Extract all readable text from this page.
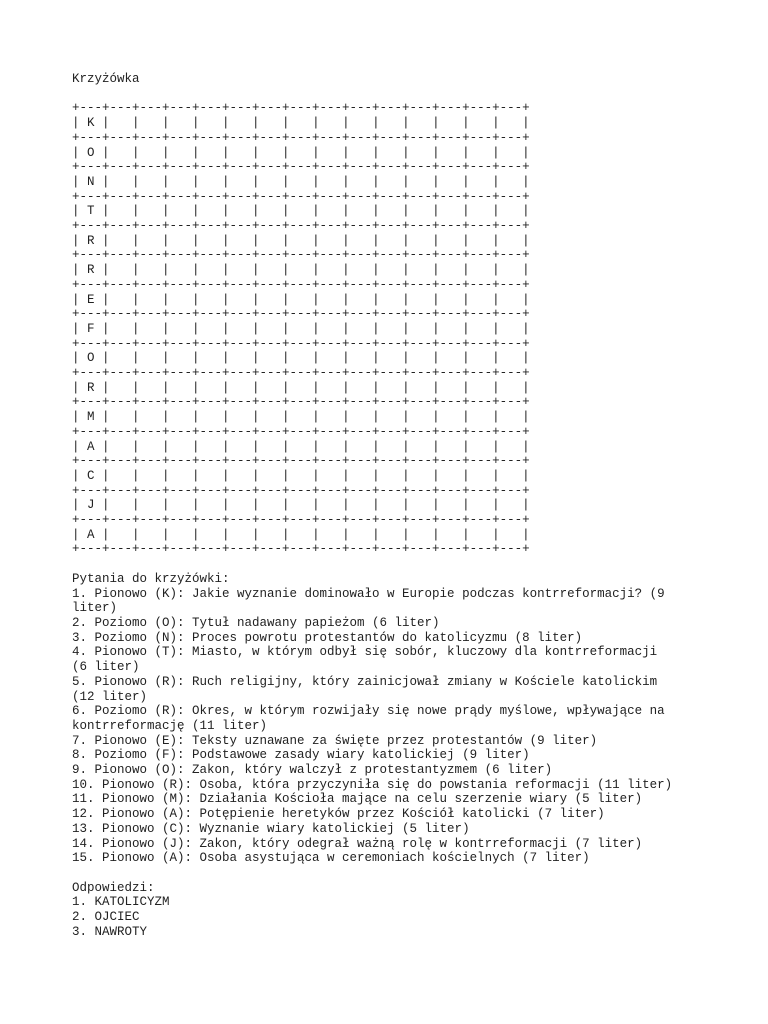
Krzyżówka
+---+---+---+---+---+---+---+---+---+---+---+---+---+---+---+
| K |   |   |   |   |   |   |   |   |   |   |   |   |   |   |
+---+---+---+---+---+---+---+---+---+---+---+---+---+---+---+
| O |   |   |   |   |   |   |   |   |   |   |   |   |   |   |
+---+---+---+---+---+---+---+---+---+---+---+---+---+---+---+
| N |   |   |   |   |   |   |   |   |   |   |   |   |   |   |
+---+---+---+---+---+---+---+---+---+---+---+---+---+---+---+
| T |   |   |   |   |   |   |   |   |   |   |   |   |   |   |
+---+---+---+---+---+---+---+---+---+---+---+---+---+---+---+
| R |   |   |   |   |   |   |   |   |   |   |   |   |   |   |
+---+---+---+---+---+---+---+---+---+---+---+---+---+---+---+
| R |   |   |   |   |   |   |   |   |   |   |   |   |   |   |
+---+---+---+---+---+---+---+---+---+---+---+---+---+---+---+
| E |   |   |   |   |   |   |   |   |   |   |   |   |   |   |
+---+---+---+---+---+---+---+---+---+---+---+---+---+---+---+
| F |   |   |   |   |   |   |   |   |   |   |   |   |   |   |
+---+---+---+---+---+---+---+---+---+---+---+---+---+---+---+
| O |   |   |   |   |   |   |   |   |   |   |   |   |   |   |
+---+---+---+---+---+---+---+---+---+---+---+---+---+---+---+
| R |   |   |   |   |   |   |   |   |   |   |   |   |   |   |
+---+---+---+---+---+---+---+---+---+---+---+---+---+---+---+
| M |   |   |   |   |   |   |   |   |   |   |   |   |   |   |
+---+---+---+---+---+---+---+---+---+---+---+---+---+---+---+
| A |   |   |   |   |   |   |   |   |   |   |   |   |   |   |
+---+---+---+---+---+---+---+---+---+---+---+---+---+---+---+
| C |   |   |   |   |   |   |   |   |   |   |   |   |   |   |
+---+---+---+---+---+---+---+---+---+---+---+---+---+---+---+
| J |   |   |   |   |   |   |   |   |   |   |   |   |   |   |
+---+---+---+---+---+---+---+---+---+---+---+---+---+---+---+
| A |   |   |   |   |   |   |   |   |   |   |   |   |   |   |
+---+---+---+---+---+---+---+---+---+---+---+---+---+---+---+
Pytania do krzyżówki:
1. Pionowo (K): Jakie wyznanie dominowało w Europie podczas kontrreformacji? (9 liter)
2. Poziomo (O): Tytuł nadawany papieżom (6 liter)
3. Poziomo (N): Proces powrotu protestantów do katolicyzmu (8 liter)
4. Pionowo (T): Miasto, w którym odbył się sobór, kluczowy dla kontrreformacji (6 liter)
5. Pionowo (R): Ruch religijny, który zainicjował zmiany w Kościele katolickim (12 liter)
6. Poziomo (R): Okres, w którym rozwijały się nowe prądy myślowe, wpływające na kontrreformację (11 liter)
7. Pionowo (E): Teksty uznawane za święte przez protestantów (9 liter)
8. Poziomo (F): Podstawowe zasady wiary katolickiej (9 liter)
9. Pionowo (O): Zakon, który walczył z protestantyzmem (6 liter)
10. Pionowo (R): Osoba, która przyczyniła się do powstania reformacji (11 liter)
11. Pionowo (M): Działania Kościoła mające na celu szerzenie wiary (5 liter)
12. Pionowo (A): Potępienie heretyków przez Kościół katolicki (7 liter)
13. Pionowo (C): Wyznanie wiary katolickiej (5 liter)
14. Pionowo (J): Zakon, który odegrał ważną rolę w kontrreformacji (7 liter)
15. Pionowo (A): Osoba asystująca w ceremoniach kościelnych (7 liter)
Odpowiedzi:
1. KATOLICYZM
2. OJCIEC
3. NAWROTY
